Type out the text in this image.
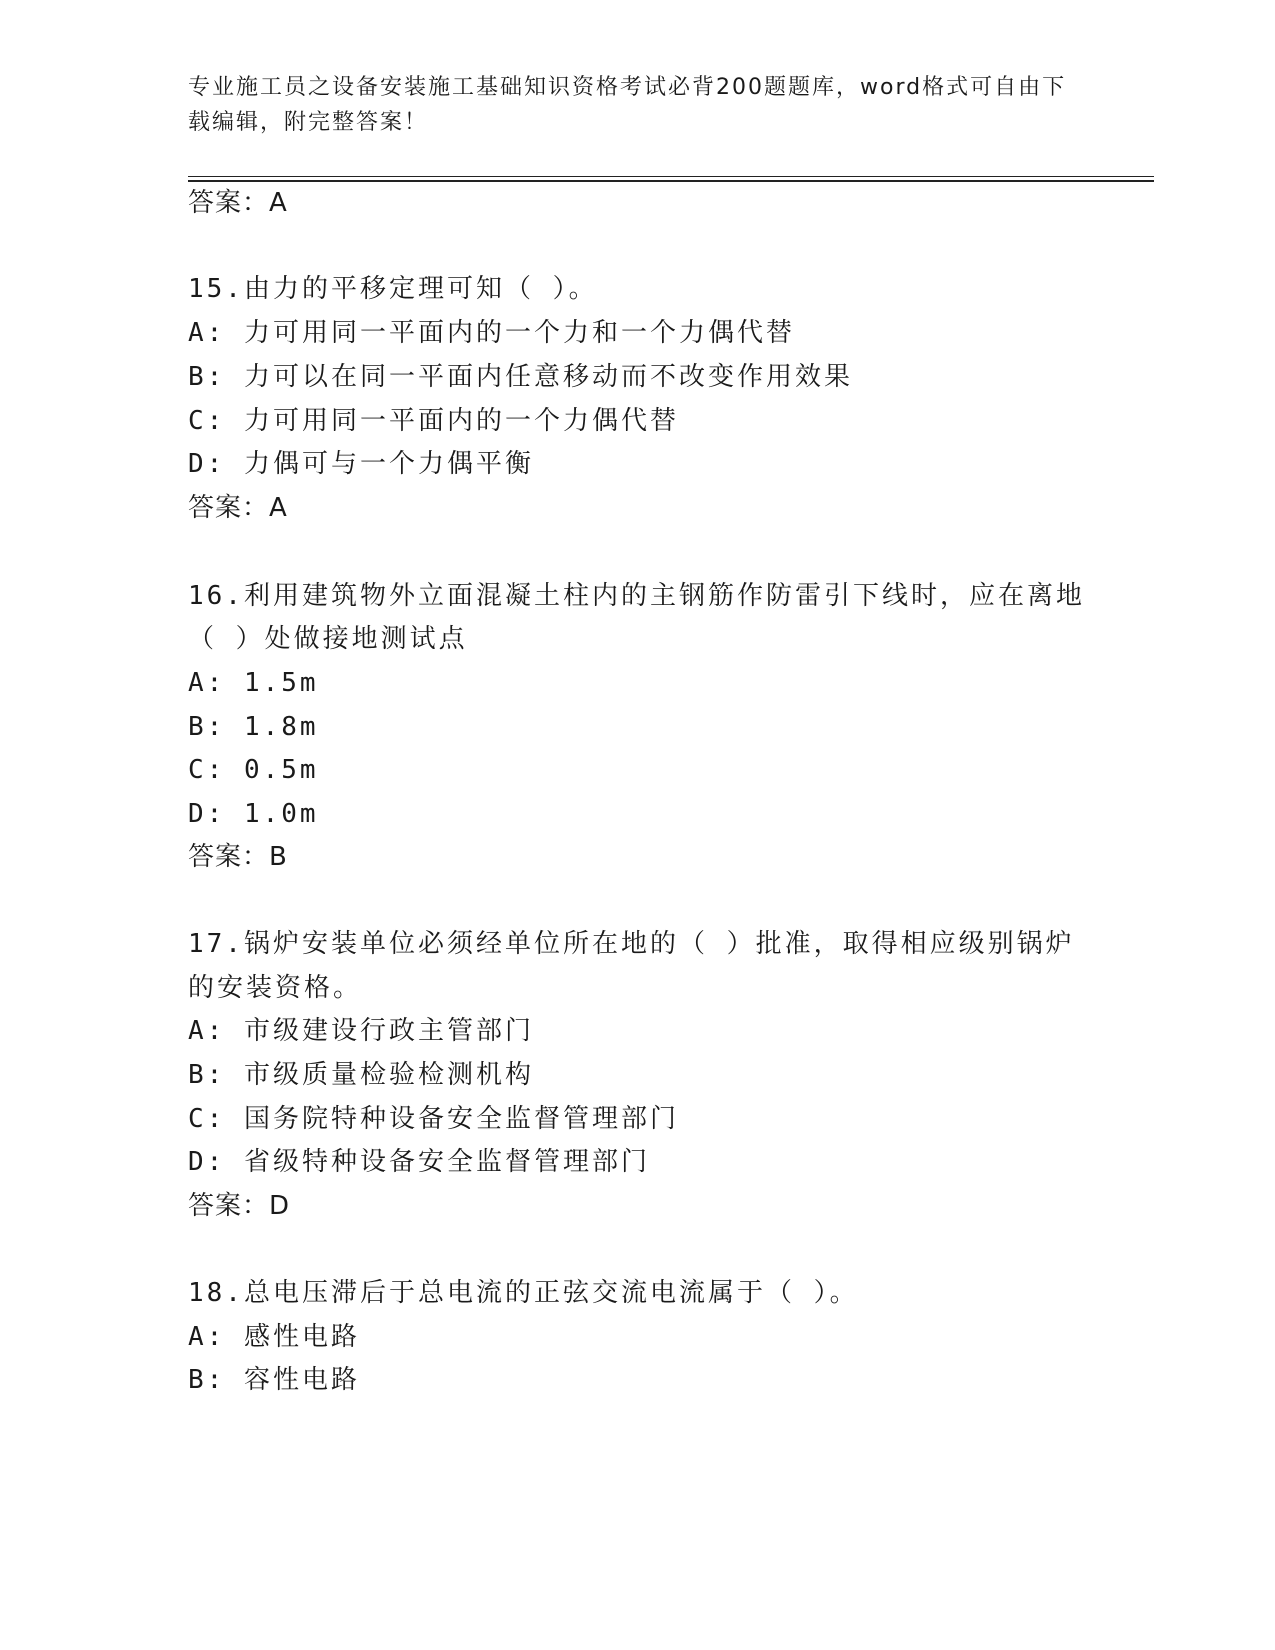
专业施工员之设备安装施工基础知识资格考试必背200题题库，word格式可自由下载编辑，附完整答案！
答案：A
15.由力的平移定理可知（ ）。
A: 力可用同一平面内的一个力和一个力偶代替
B: 力可以在同一平面内任意移动而不改变作用效果
C: 力可用同一平面内的一个力偶代替
D: 力偶可与一个力偶平衡
答案：A
16.利用建筑物外立面混凝土柱内的主钢筋作防雷引下线时，应在离地
（ ）处做接地测试点
A: 1.5m
B: 1.8m
C: 0.5m
D: 1.0m
答案：B
17.锅炉安装单位必须经单位所在地的（ ）批准，取得相应级别锅炉
的安装资格。
A: 市级建设行政主管部门
B: 市级质量检验检测机构
C: 国务院特种设备安全监督管理部门
D: 省级特种设备安全监督管理部门
答案：D
18.总电压滞后于总电流的正弦交流电流属于（ ）。
A: 感性电路
B: 容性电路
